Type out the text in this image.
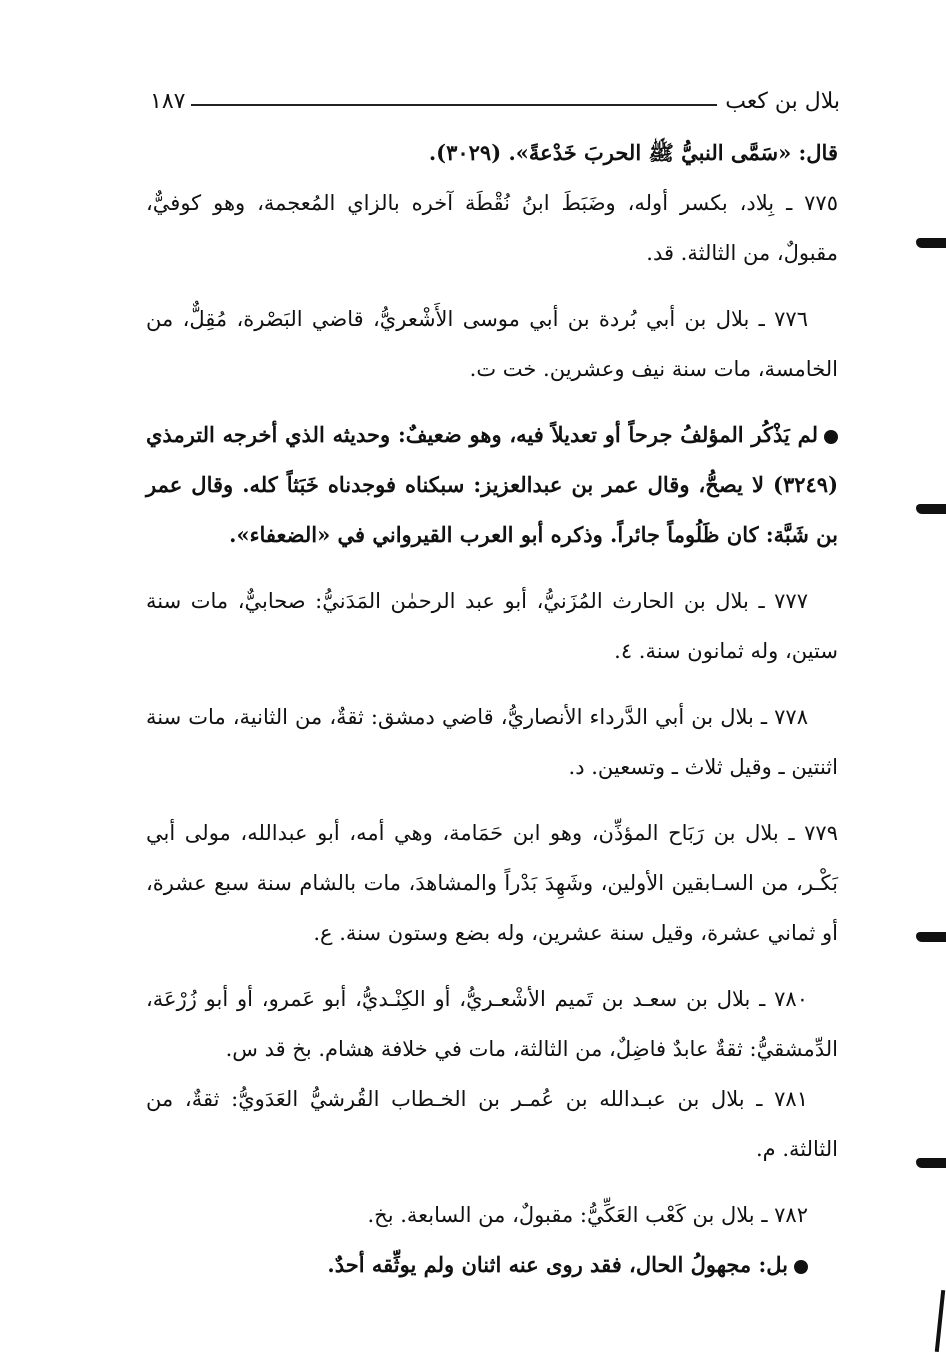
بلال بن كعب
١٨٧

قال: «سَمَّى النبيُّ ﷺ الحربَ خَدْعةً». (٣٠٢٩).

٧٧٥ ـ بِلاد، بكسر أوله، وضَبَطَ ابنُ نُقْطَة آخره بالزاي المُعجمة، وهو كوفيٌّ، مقبولٌ، من الثالثة. قد.

٧٧٦ ـ بلال بن أبي بُردة بن أبي موسى الأَشْعريُّ، قاضي البَصْرة، مُقِلٌّ، من الخامسة، مات سنة نيف وعشرين. خت ت.

لم يَذْكُر المؤلفُ جرحاً أو تعديلاً فيه، وهو ضعيفٌ: وحديثه الذي أخرجه الترمذي (٣٢٤٩) لا يصحُّ، وقال عمر بن عبدالعزيز: سبكناه فوجدناه خَبَثاً كله. وقال عمر بن شَبَّة: كان ظَلُوماً جائراً. وذكره أبو العرب القيرواني في «الضعفاء».

٧٧٧ ـ بلال بن الحارث المُزَنيُّ، أبو عبد الرحمٰن المَدَنيُّ: صحابيٌّ، مات سنة ستين، وله ثمانون سنة. ٤.

٧٧٨ ـ بلال بن أبي الدَّرداء الأنصاريُّ، قاضي دمشق: ثقةٌ، من الثانية، مات سنة اثنتين ـ وقيل ثلاث ـ وتسعين. د.

٧٧٩ ـ بلال بن رَبَاح المؤذِّن، وهو ابن حَمَامة، وهي أمه، أبو عبدالله، مولى أبي بَكْـر، من السـابقين الأولين، وشَهِدَ بَدْراً والمشاهدَ، مات بالشام سنة سبع عشرة، أو ثماني عشرة، وقيل سنة عشرين، وله بضع وستون سنة. ع.

٧٨٠ ـ بلال بن سعـد بن تَميم الأشْعـريُّ، أو الكِنْـديُّ، أبو عَمرو، أو أبو زُرْعَة، الدِّمشقيُّ: ثقةٌ عابدٌ فاضِلٌ، من الثالثة، مات في خلافة هشام. بخ قد س.

٧٨١ ـ بلال بن عبـدالله بن عُمـر بن الخـطاب القُرشيُّ العَدَويُّ: ثقةٌ، من الثالثة. م.

٧٨٢ ـ بلال بن كَعْب العَكِّيُّ: مقبولٌ، من السابعة. بخ.

بل: مجهولُ الحال، فقد روى عنه اثنان ولم يوثِّقه أحدٌ.
